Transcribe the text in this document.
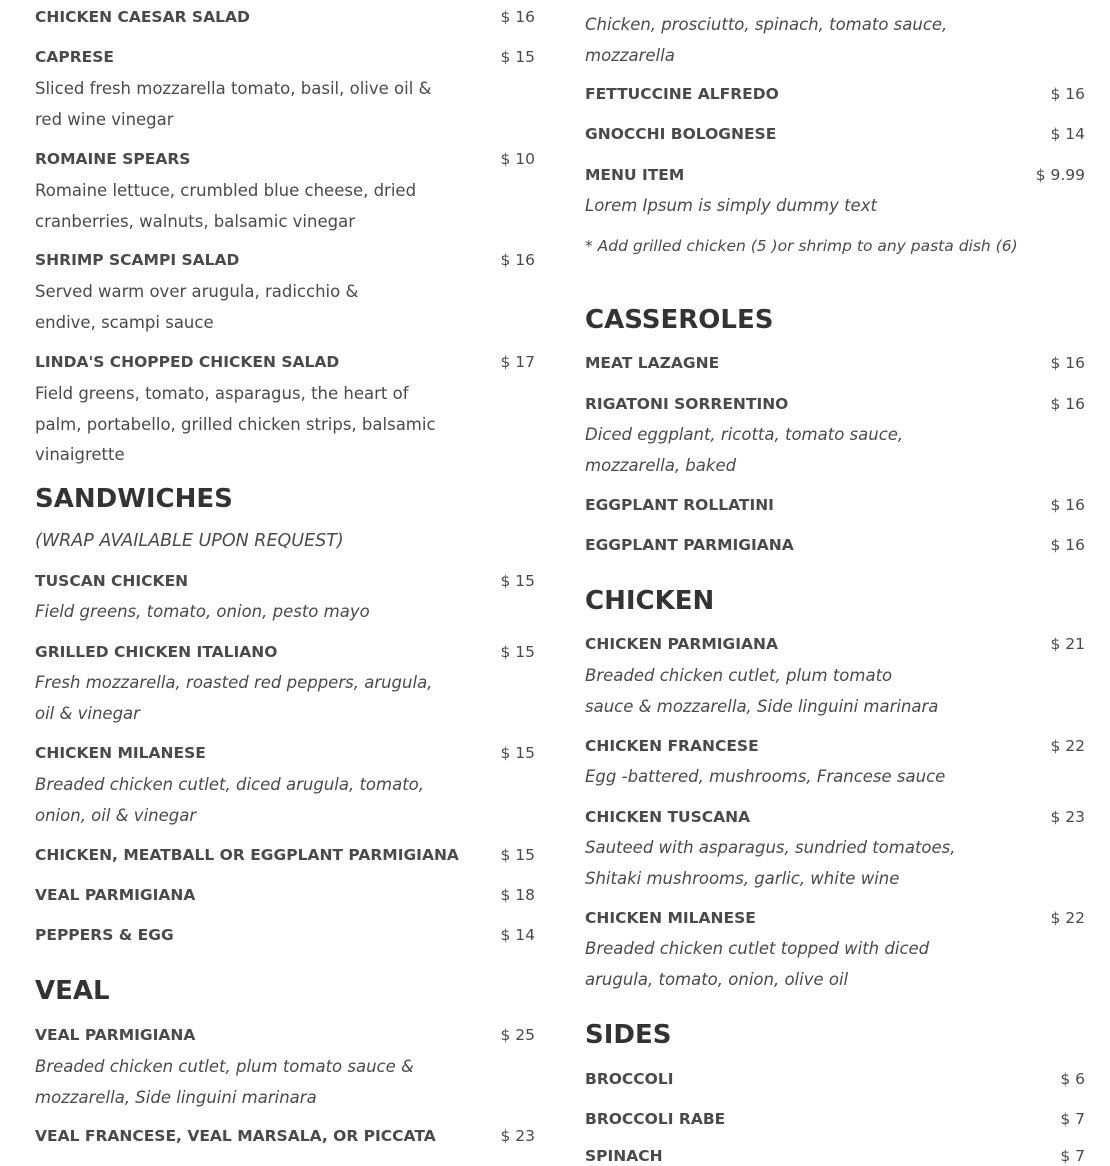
CHICKEN CAESAR SALAD	$ 16
CAPRESE	$ 15
Sliced fresh mozzarella tomato, basil, olive oil & red wine vinegar
ROMAINE SPEARS	$ 10
Romaine lettuce, crumbled blue cheese, dried cranberries, walnuts, balsamic vinegar
SHRIMP SCAMPI SALAD	$ 16
Served warm over arugula, radicchio & endive, scampi sauce
LINDA'S CHOPPED CHICKEN SALAD	$ 17
Field greens, tomato, asparagus, the heart of palm, portabello, grilled chicken strips, balsamic vinaigrette
SANDWICHES
(WRAP AVAILABLE UPON REQUEST)
TUSCAN CHICKEN	$ 15
Field greens, tomato, onion, pesto mayo
GRILLED CHICKEN ITALIANO	$ 15
Fresh mozzarella, roasted red peppers, arugula, oil & vinegar
CHICKEN MILANESE	$ 15
Breaded chicken cutlet, diced arugula, tomato, onion, oil & vinegar
CHICKEN, MEATBALL OR EGGPLANT PARMIGIANA	$ 15
VEAL PARMIGIANA	$ 18
PEPPERS & EGG	$ 14
VEAL
VEAL PARMIGIANA	$ 25
Breaded chicken cutlet, plum tomato sauce & mozzarella, Side linguini marinara
VEAL FRANCESE, VEAL MARSALA, OR PICCATA	$ 23
Chicken, prosciutto, spinach, tomato sauce, mozzarella
FETTUCCINE ALFREDO	$ 16
GNOCCHI BOLOGNESE	$ 14
MENU ITEM	$ 9.99
Lorem Ipsum is simply dummy text
* Add grilled chicken (5 )or shrimp to any pasta dish (6)
CASSEROLES
MEAT LAZAGNE	$ 16
RIGATONI SORRENTINO	$ 16
Diced eggplant, ricotta, tomato sauce, mozzarella, baked
EGGPLANT ROLLATINI	$ 16
EGGPLANT PARMIGIANA	$ 16
CHICKEN
CHICKEN PARMIGIANA	$ 21
Breaded chicken cutlet, plum tomato sauce & mozzarella, Side linguini marinara
CHICKEN FRANCESE	$ 22
Egg -battered, mushrooms, Francese sauce
CHICKEN TUSCANA	$ 23
Sauteed with asparagus, sundried tomatoes, Shitaki mushrooms, garlic, white wine
CHICKEN MILANESE	$ 22
Breaded chicken cutlet topped with diced arugula, tomato, onion, olive oil
SIDES
BROCCOLI	$ 6
BROCCOLI RABE	$ 7
SPINACH	$ 7
